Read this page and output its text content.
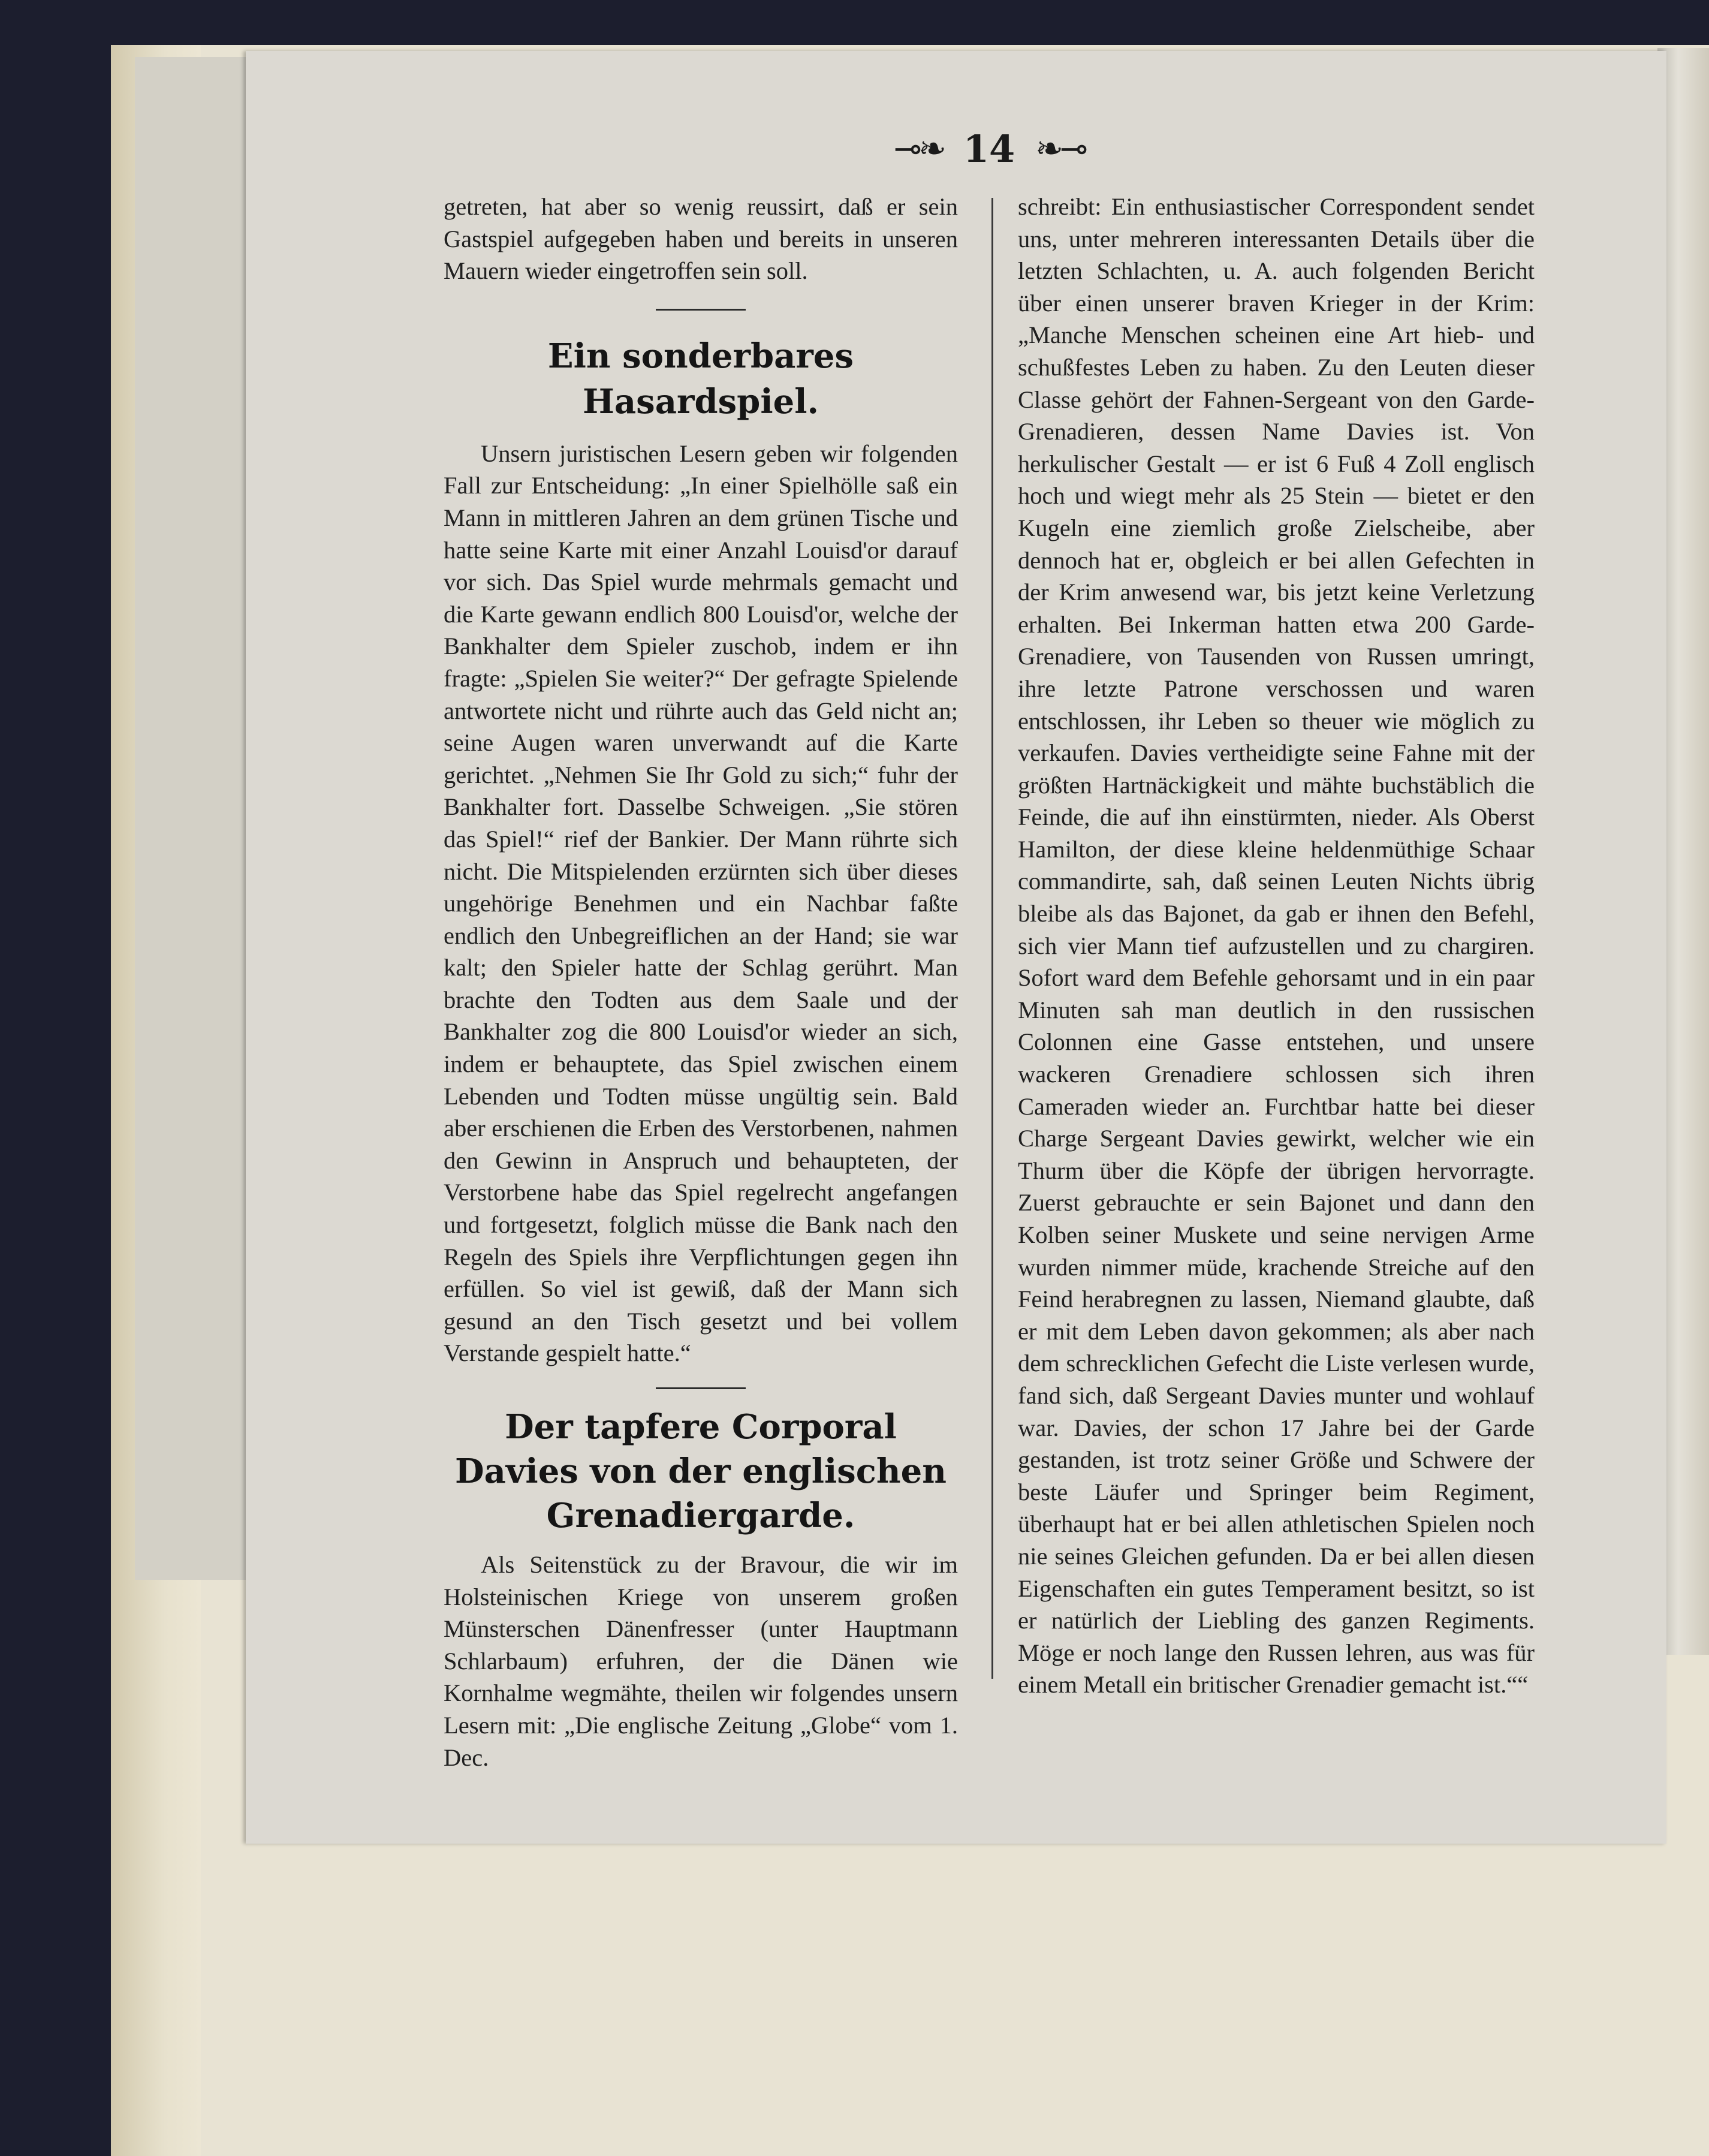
⊸❧ 14 ❧⊸

getreten, hat aber so wenig reussirt, daß er sein Gastspiel aufgegeben haben und bereits in unseren Mauern wieder eingetroffen sein soll.

Ein sonderbares Hasardspiel.

Unsern juristischen Lesern geben wir folgenden Fall zur Entscheidung: „In einer Spielhölle saß ein Mann in mittleren Jahren an dem grünen Tische und hatte seine Karte mit einer Anzahl Louisd'or darauf vor sich. Das Spiel wurde mehrmals gemacht und die Karte gewann endlich 800 Louisd'or, welche der Bankhalter dem Spieler zuschob, indem er ihn fragte: „Spielen Sie weiter?“ Der gefragte Spielende antwortete nicht und rührte auch das Geld nicht an; seine Augen waren unverwandt auf die Karte gerichtet. „Nehmen Sie Ihr Gold zu sich;“ fuhr der Bankhalter fort. Dasselbe Schweigen. „Sie stören das Spiel!“ rief der Bankier. Der Mann rührte sich nicht. Die Mitspielenden erzürnten sich über dieses ungehörige Benehmen und ein Nachbar faßte endlich den Unbegreiflichen an der Hand; sie war kalt; den Spieler hatte der Schlag gerührt. Man brachte den Todten aus dem Saale und der Bankhalter zog die 800 Louisd'or wieder an sich, indem er behauptete, das Spiel zwischen einem Lebenden und Todten müsse ungültig sein. Bald aber erschienen die Erben des Verstorbenen, nahmen den Gewinn in Anspruch und behaupteten, der Verstorbene habe das Spiel regelrecht angefangen und fortgesetzt, folglich müsse die Bank nach den Regeln des Spiels ihre Verpflichtungen gegen ihn erfüllen. So viel ist gewiß, daß der Mann sich gesund an den Tisch gesetzt und bei vollem Verstande gespielt hatte.“

Der tapfere Corporal Davies von der englischen Grenadiergarde.

Als Seitenstück zu der Bravour, die wir im Holsteinischen Kriege von unserem großen Münsterschen Dänenfresser (unter Hauptmann Schlarbaum) erfuhren, der die Dänen wie Kornhalme wegmähte, theilen wir folgendes unsern Lesern mit: „Die englische Zeitung „Globe“ vom 1. Dec.

schreibt: Ein enthusiastischer Correspondent sendet uns, unter mehreren interessanten Details über die letzten Schlachten, u. A. auch folgenden Bericht über einen unserer braven Krieger in der Krim: „Manche Menschen scheinen eine Art hieb- und schußfestes Leben zu haben. Zu den Leuten dieser Classe gehört der Fahnen-Sergeant von den Garde-Grenadieren, dessen Name Davies ist. Von herkulischer Gestalt — er ist 6 Fuß 4 Zoll englisch hoch und wiegt mehr als 25 Stein — bietet er den Kugeln eine ziemlich große Zielscheibe, aber dennoch hat er, obgleich er bei allen Gefechten in der Krim anwesend war, bis jetzt keine Verletzung erhalten. Bei Inkerman hatten etwa 200 Garde-Grenadiere, von Tausenden von Russen umringt, ihre letzte Patrone verschossen und waren entschlossen, ihr Leben so theuer wie möglich zu verkaufen. Davies vertheidigte seine Fahne mit der größten Hartnäckigkeit und mähte buchstäblich die Feinde, die auf ihn einstürmten, nieder. Als Oberst Hamilton, der diese kleine heldenmüthige Schaar commandirte, sah, daß seinen Leuten Nichts übrig bleibe als das Bajonet, da gab er ihnen den Befehl, sich vier Mann tief aufzustellen und zu chargiren. Sofort ward dem Befehle gehorsamt und in ein paar Minuten sah man deutlich in den russischen Colonnen eine Gasse entstehen, und unsere wackeren Grenadiere schlossen sich ihren Cameraden wieder an. Furchtbar hatte bei dieser Charge Sergeant Davies gewirkt, welcher wie ein Thurm über die Köpfe der übrigen hervorragte. Zuerst gebrauchte er sein Bajonet und dann den Kolben seiner Muskete und seine nervigen Arme wurden nimmer müde, krachende Streiche auf den Feind herabregnen zu lassen, Niemand glaubte, daß er mit dem Leben davon gekommen; als aber nach dem schrecklichen Gefecht die Liste verlesen wurde, fand sich, daß Sergeant Davies munter und wohlauf war. Davies, der schon 17 Jahre bei der Garde gestanden, ist trotz seiner Größe und Schwere der beste Läufer und Springer beim Regiment, überhaupt hat er bei allen athletischen Spielen noch nie seines Gleichen gefunden. Da er bei allen diesen Eigenschaften ein gutes Temperament besitzt, so ist er natürlich der Liebling des ganzen Regiments. Möge er noch lange den Russen lehren, aus was für einem Metall ein britischer Grenadier gemacht ist.““
